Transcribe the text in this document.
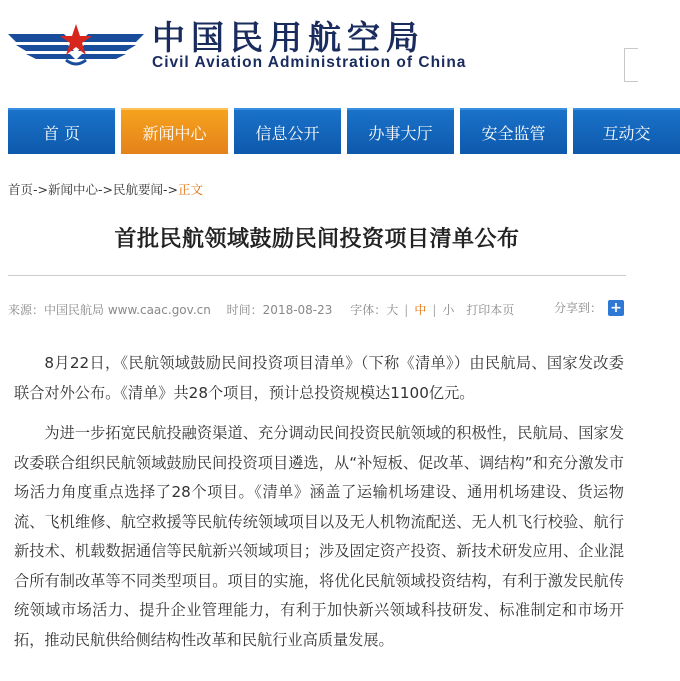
中国民用航空局
Civil Aviation Administration of China
首 页	新闻中心	信息公开	办事大厅	安全监管	互动交
首页->新闻中心->民航要闻->正文
首批民航领域鼓励民间投资项目清单公布
来源：中国民航局 www.caac.gov.cn 时间：2018-08-23 字体：大 | 中 | 小 打印本页	分享到： +

8月22日，《民航领域鼓励民间投资项目清单》（下称《清单》）由民航局、国家发改委联合对外公布。《清单》共28个项目，预计总投资规模达1100亿元。

为进一步拓宽民航投融资渠道、充分调动民间投资民航领域的积极性，民航局、国家发改委联合组织民航领域鼓励民间投资项目遴选，从“补短板、促改革、调结构”和充分激发市场活力角度重点选择了28个项目。《清单》涵盖了运输机场建设、通用机场建设、货运物流、飞机维修、航空救援等民航传统领域项目以及无人机物流配送、无人机飞行校验、航行新技术、机载数据通信等民航新兴领域项目；涉及固定资产投资、新技术研发应用、企业混合所有制改革等不同类型项目。项目的实施，将优化民航领域投资结构，有利于激发民航传统领域市场活力、提升企业管理能力，有利于加快新兴领域科技研发、标准制定和市场开拓，推动民航供给侧结构性改革和民航行业高质量发展。
